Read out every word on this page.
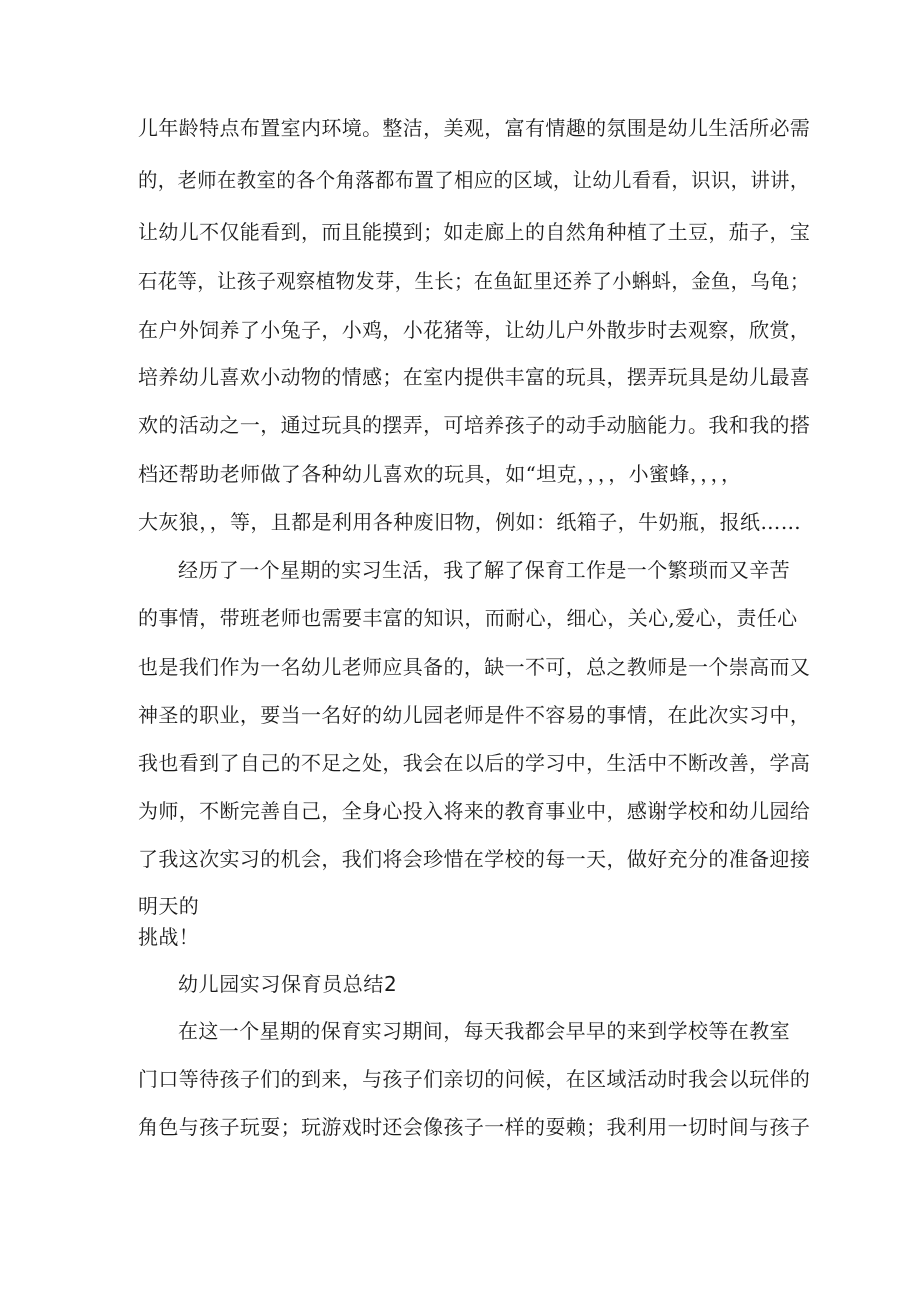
儿年龄特点布置室内环境。整洁，美观，富有情趣的氛围是幼儿生活所必需
的，老师在教室的各个角落都布置了相应的区域，让幼儿看看，识识，讲讲，
让幼儿不仅能看到，而且能摸到；如走廊上的自然角种植了土豆，茄子，宝
石花等，让孩子观察植物发芽，生长；在鱼缸里还养了小蝌蚪，金鱼，乌龟；
在户外饲养了小兔子，小鸡，小花猪等，让幼儿户外散步时去观察，欣赏，
培养幼儿喜欢小动物的情感；在室内提供丰富的玩具，摆弄玩具是幼儿最喜
欢的活动之一，通过玩具的摆弄，可培养孩子的动手动脑能力。我和我的搭
档还帮助老师做了各种幼儿喜欢的玩具，如“坦克，，，，小蜜蜂，，，，
大灰狼，，等，且都是利用各种废旧物，例如：纸箱子，牛奶瓶，报纸……
经历了一个星期的实习生活，我了解了保育工作是一个繁琐而又辛苦
的事情，带班老师也需要丰富的知识，而耐心，细心，关心,爱心，责任心
也是我们作为一名幼儿老师应具备的，缺一不可，总之教师是一个崇高而又
神圣的职业，要当一名好的幼儿园老师是件不容易的事情，在此次实习中，
我也看到了自己的不足之处，我会在以后的学习中，生活中不断改善，学高
为师，不断完善自己，全身心投入将来的教育事业中，感谢学校和幼儿园给
了我这次实习的机会，我们将会珍惜在学校的每一天，做好充分的准备迎接
明天的
挑战！
幼儿园实习保育员总结2
在这一个星期的保育实习期间，每天我都会早早的来到学校等在教室
门口等待孩子们的到来，与孩子们亲切的问候，在区域活动时我会以玩伴的
角色与孩子玩耍；玩游戏时还会像孩子一样的耍赖；我利用一切时间与孩子
